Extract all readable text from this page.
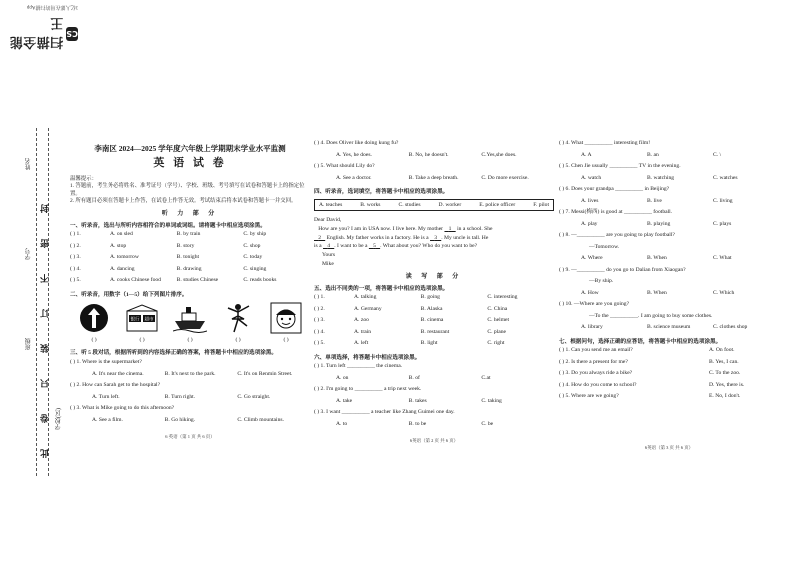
3亿人都在用的扫描App
CS
扫描全能王
此卷只装订不密封
姓名
学号
班级
学校(区)
李南区 2024—2025 学年度六年级上学期期末学业水平监测
英 语 试 卷
温馨提示：
1. 答题前，考生务必将姓名、准考证号（学号）、学校、班级、考号填写在试卷和答题卡上的指定位置。
2. 所有题目必须在答题卡上作答，在试卷上作答无效。考试结束后将本试卷和答题卡一并交回。
听 力 部 分
一、听录音，选出与所听内容相符合的单词或词组。请将题卡中相应选项涂黑。
( ) 1.	A. on sled	B. by train	C. by ship
( ) 2.	A. stop	B. story	C. shop
( ) 3.	A. tomorrow	B. tonight	C. today
( ) 4.	A. dancing	B. drawing	C. singing
( ) 5.	A. cooks Chinese food	B. studies Chinese	C. reads books
二、听录音，用数字（1—5）给下列图片排序。
银行 超市
( )	( )	( )	( )	( )
三、听 5 段对话，根据所听到的内容选择正确的答案，将答题卡中相应的选项涂黑。
( ) 1. Where is the supermarket?
A. It's near the cinema.	B. It's next to the park.	C. It's on Renmin Street.
( ) 2. How can Sarah get to the hospital?
A. Turn left.	B. Turn right.	C. Go straight.
( ) 3. What is Mike going to do this afternoon?
A. See a film.	B. Go hiking.	C. Climb mountains.
6 英语（第 1 页 共 6 页）
( ) 4. Does Oliver like doing kung fu?
A. Yes, he does.	B. No, he doesn't.	C.Yes,she does.
( ) 5. What should Lily do?
A. See a doctor.	B. Take a deep breath.	C. Do more exercise.
四、听录音，选词填空，将答题卡中相应的选项涂黑。
A. teaches	B. works	C. studies	D. worker	E. police officer	F. pilot
Dear David,
How are you? I am in USA now. I live here. My mother 1 in a school. She
2 English. My father works in a factory. He is a 3 . My uncle is tall. He
is a 4 . I want to be a 5 . What about you? Who do you want to be?
Yours
Mike
读 写 部 分
五、选出不同类的一项，将答题卡中相应的选项涂黑。
( ) 1.	A. talking	B. going	C. interesting
( ) 2.	A. Germany	B. Alaska	C. China
( ) 3.	A. zoo	B. cinema	C. helmet
( ) 4.	A. train	B. restaurant	C. plane
( ) 5.	A. left	B. light	C. right
六、单项选择，将答题卡中相应选项涂黑。
( ) 1. Turn left __________ the cinema.
A. on	B. of	C.at
( ) 2. I'm going to __________ a trip next week.
A. take	B. takes	C. taking
( ) 3. I want __________ a teacher like Zhang Guimei one day.
A. to	B. to be	C. be
6英语（第 2 页 共 6 页）
( ) 4. What __________ interesting film!
A. A	B. an	C. \
( ) 5. Chen Jie usually __________ TV in the evening.
A. watch	B. watching	C. watches
( ) 6. Does your grandpa __________ in Beijing?
A. lives	B. live	C. living
( ) 7. Messi(梅西) is good at __________ football.
A. play	B. playing	C. plays
( ) 8. —__________ are you going to play football?
—Tomorrow.
A. Where	B. When	C. What
( ) 9. —__________ do you go to Dalian from Xiaogan?
—By ship.
A. How	B. When	C. Which
( ) 10. —Where are you going?
—To the __________. I am going to buy some clothes.
A. library	B. science museum	C. clothes shop
七、根据问句，选择正确的应答语，将答题卡中相应的选项涂黑。
( ) 1. Can you send me an email?	A. On foot.
( ) 2. Is there a present for me?	B. Yes, I can.
( ) 3. Do you always ride a bike?	C. To the zoo.
( ) 4. How do you come to school?	D. Yes, there is.
( ) 5. Where are we going?	E. No, I don't.
6英语（第 3 页 共 6 页）
